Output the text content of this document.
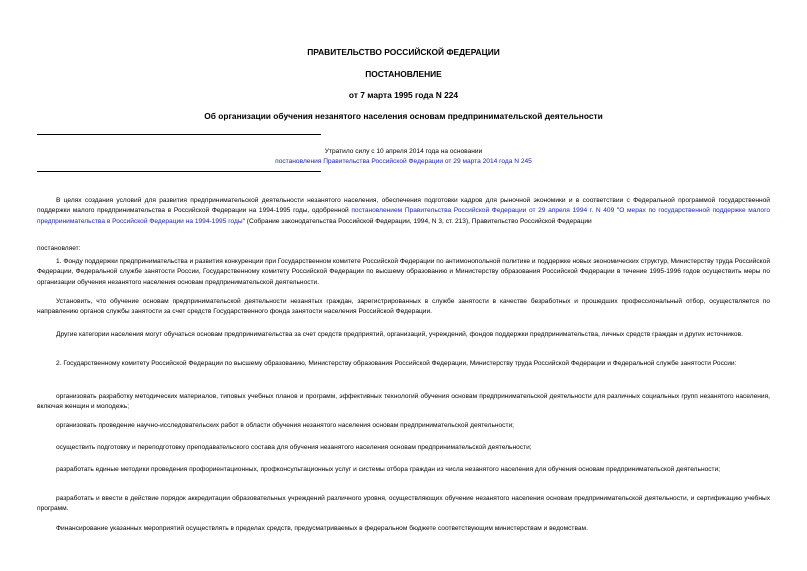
ПРАВИТЕЛЬСТВО РОССИЙСКОЙ ФЕДЕРАЦИИ
ПОСТАНОВЛЕНИЕ
от 7 марта 1995 года N 224
Об организации обучения незанятого населения основам предпринимательской деятельности
Утратило силу с 10 апреля 2014 года на основании
постановления Правительства Российской Федерации от 29 марта 2014 года N 245
В целях создания условий для развития предпринимательской деятельности незанятого населения, обеспечения подготовки кадров для рыночной экономики и в соответствии с Федеральной программой государственной поддержки малого предпринимательства в Российской Федерации на 1994-1995 годы, одобренной постановлением Правительства Российской Федерации от 29 апреля 1994 г. N 409 "О мерах по государственной поддержке малого предпринимательства в Российской Федерации на 1994-1995 годы" (Собрание законодательства Российской Федерации, 1994, N 3, ст. 213), Правительство Российской Федерации
постановляет:
1. Фонду поддержки предпринимательства и развития конкуренции при Государственном комитете Российской Федерации по антимонопольной политике и поддержке новых экономических структур, Министерству труда Российской Федерации, Федеральной службе занятости России, Государственному комитету Российской Федерации по высшему образованию и Министерству образования Российской Федерации в течение 1995-1996 годов осуществить меры по организации обучения незанятого населения основам предпринимательской деятельности.
Установить, что обучение основам предпринимательской деятельности незанятых граждан, зарегистрированных в службе занятости в качестве безработных и прошедших профессиональный отбор, осуществляется по направлению органов службы занятости за счет средств Государственного фонда занятости населения Российской Федерации.
Другие категории населения могут обучаться основам предпринимательства за счет средств предприятий, организаций, учреждений, фондов поддержки предпринимательства, личных средств граждан и других источников.
2. Государственному комитету Российской Федерации по высшему образованию, Министерству образования Российской Федерации, Министерству труда Российской Федерации и Федеральной службе занятости России:
организовать разработку методических материалов, типовых учебных планов и программ, эффективных технологий обучения основам предпринимательской деятельности для различных социальных групп незанятого населения, включая женщин и молодежь;
организовать проведение научно-исследовательских работ в области обучения незанятого населения основам предпринимательской деятельности;
осуществить подготовку и переподготовку преподавательского состава для обучения незанятого населения основам предпринимательской деятельности;
разработать единые методики проведения профориентационных, профконсультационных услуг и системы отбора граждан из числа незанятого населения для обучения основам предпринимательской деятельности;
разработать и ввести в действие порядок аккредитации образовательных учреждений различного уровня, осуществляющих обучение незанятого населения основам предпринимательской деятельности, и сертификацию учебных программ.
Финансирование указанных мероприятий осуществлять в пределах средств, предусматриваемых в федеральном бюджете соответствующим министерствам и ведомствам.
